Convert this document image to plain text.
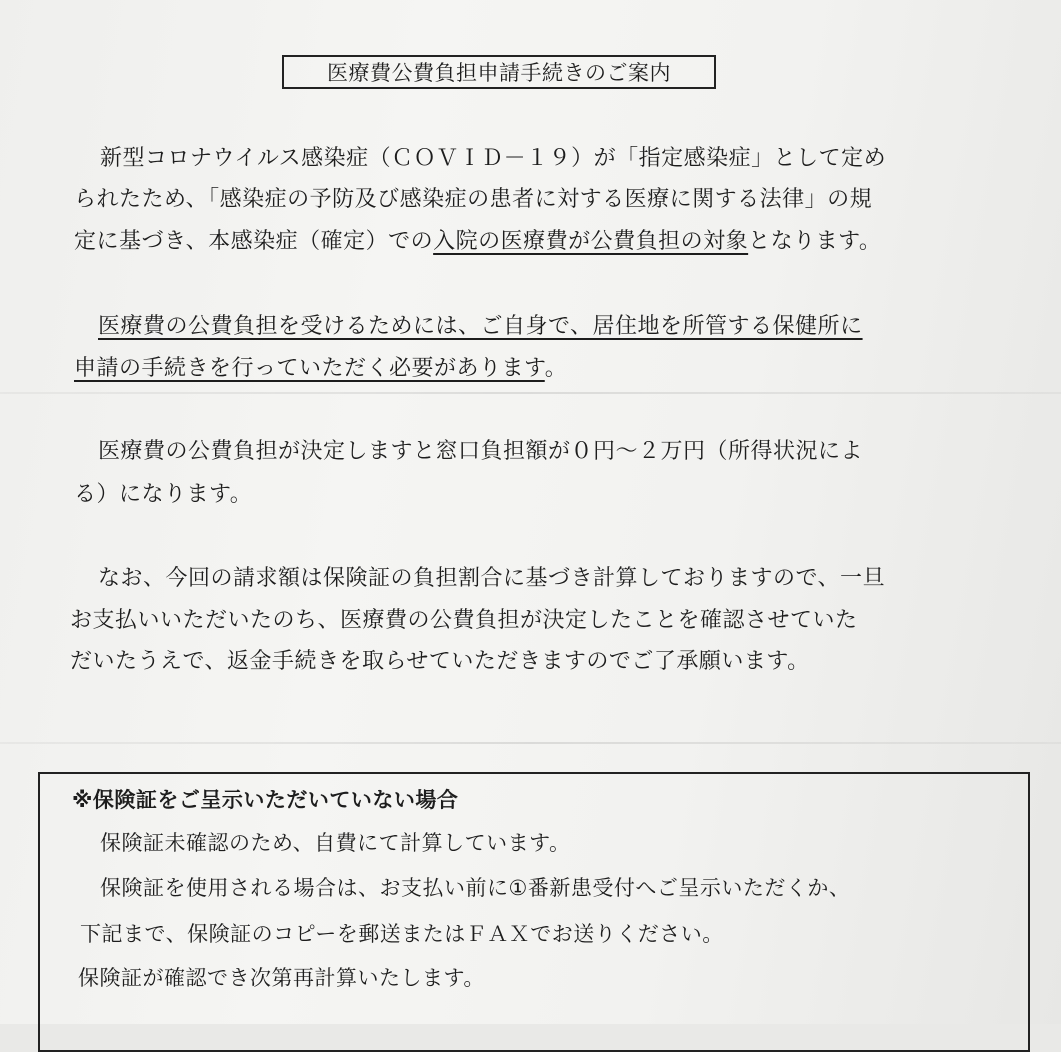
医療費公費負担申請手続きのご案内
新型コロナウイルス感染症（ＣＯＶＩＤ－１９）が「指定感染症」として定め
られたため、「感染症の予防及び感染症の患者に対する医療に関する法律」の規
定に基づき、本感染症（確定）での入院の医療費が公費負担の対象となります。
医療費の公費負担を受けるためには、ご自身で、居住地を所管する保健所に
申請の手続きを行っていただく必要があります。
医療費の公費負担が決定しますと窓口負担額が０円～２万円（所得状況によ
る）になります。
なお、今回の請求額は保険証の負担割合に基づき計算しておりますので、一旦
お支払いいただいたのち、医療費の公費負担が決定したことを確認させていた
だいたうえで、返金手続きを取らせていただきますのでご了承願います。
※保険証をご呈示いただいていない場合
保険証未確認のため、自費にて計算しています。
保険証を使用される場合は、お支払い前に①番新患受付へご呈示いただくか、
下記まで、保険証のコピーを郵送またはＦＡＸでお送りください。
保険証が確認でき次第再計算いたします。
